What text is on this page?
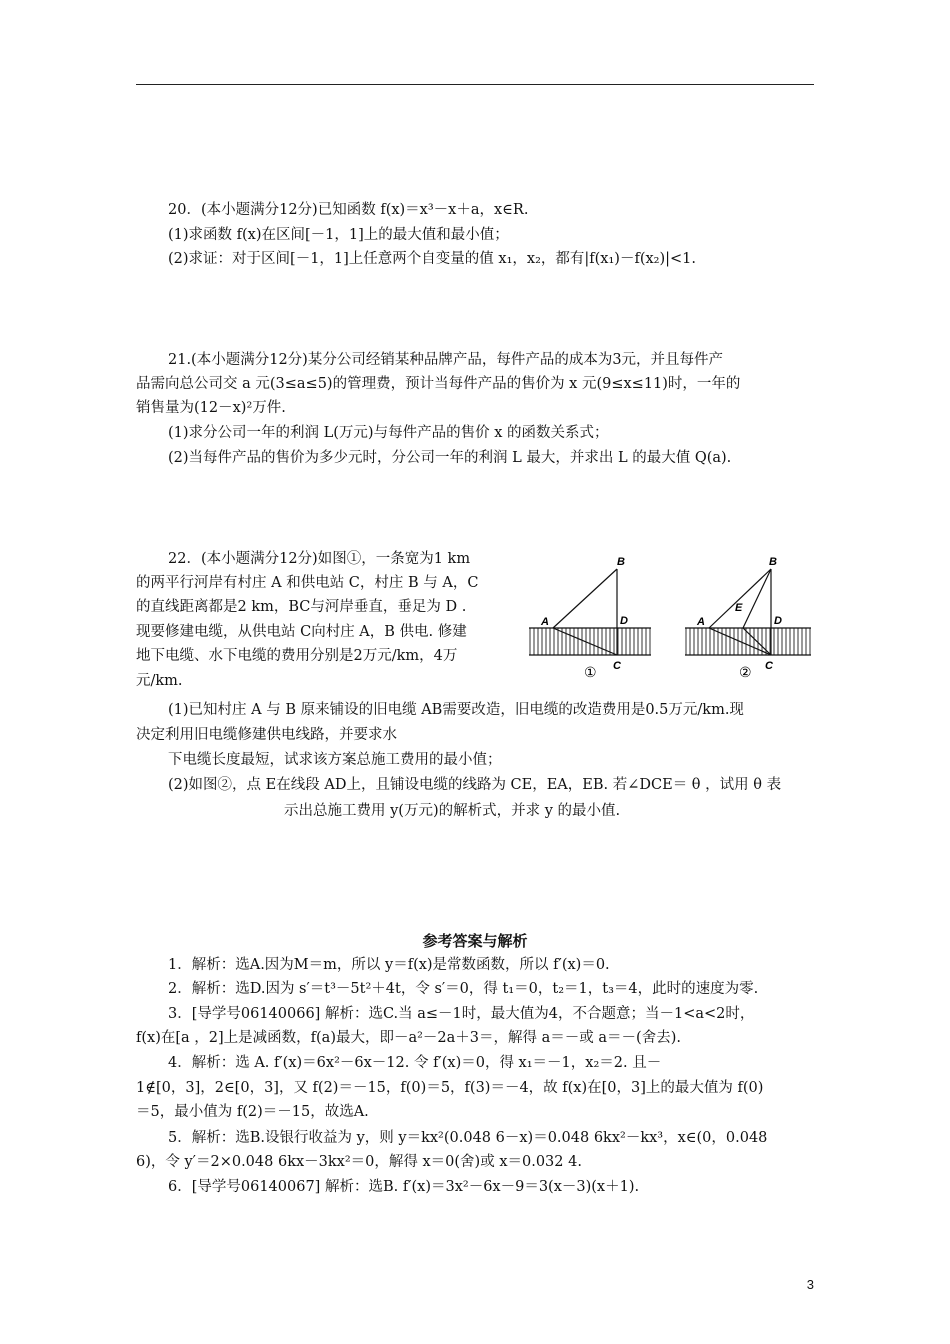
20．(本小题满分12分)已知函数 f(x)＝x³－x＋a，x∈R.
(1)求函数 f(x)在区间[－1，1]上的最大值和最小值；
(2)求证：对于区间[－1，1]上任意两个自变量的值 x₁，x₂，都有|f(x₁)－f(x₂)|<1.
21.(本小题满分12分)某分公司经销某种品牌产品，每件产品的成本为3元，并且每件产
品需向总公司交 a 元(3≤a≤5)的管理费，预计当每件产品的售价为 x 元(9≤x≤11)时，一年的
销售量为(12－x)²万件.
(1)求分公司一年的利润 L(万元)与每件产品的售价 x 的函数关系式；
(2)当每件产品的售价为多少元时，分公司一年的利润 L 最大，并求出 L 的最大值 Q(a).
22．(本小题满分12分)如图①，一条宽为1 km
的两平行河岸有村庄 A 和供电站 C，村庄 B 与 A，C
的直线距离都是2 km，BC与河岸垂直，垂足为 D .
现要修建电缆，从供电站 C向村庄 A，B 供电. 修建
地下电缆、水下电缆的费用分别是2万元/km，4万
元/km.
B
A	D
C
①
B
A
E
D
C
②
(1)已知村庄 A 与 B 原来铺设的旧电缆 AB需要改造，旧电缆的改造费用是0.5万元/km.现
决定利用旧电缆修建供电线路，并要求水
下电缆长度最短，试求该方案总施工费用的最小值；
(2)如图②，点 E在线段 AD上，且铺设电缆的线路为 CE，EA，EB. 若∠DCE＝ θ ，试用 θ 表
示出总施工费用 y(万元)的解析式，并求 y 的最小值.
参考答案与解析
1．解析：选A.因为M＝m，所以 y＝f(x)是常数函数，所以 f′(x)＝0.
2．解析：选D.因为 s′＝t³－5t²＋4t，令 s′＝0，得 t₁＝0，t₂＝1，t₃＝4，此时的速度为零.
3．[导学号06140066] 解析：选C.当 a≤－1时，最大值为4，不合题意；当－1<a<2时，
f(x)在[a ，2]上是减函数，f(a)最大，即－a²－2a＋3＝，解得 a＝－或 a＝－(舍去).
4．解析：选 A. f′(x)＝6x²－6x－12. 令 f′(x)＝0，得 x₁＝－1，x₂＝2. 且－
1∉[0，3]，2∈[0，3]，又 f(2)＝－15，f(0)＝5，f(3)＝－4，故 f(x)在[0，3]上的最大值为 f(0)
＝5，最小值为 f(2)＝－15，故选A.
5．解析：选B.设银行收益为 y，则 y＝kx²(0.048 6－x)＝0.048 6kx²－kx³，x∈(0，0.048
6)，令 y′＝2×0.048 6kx－3kx²＝0，解得 x＝0(舍)或 x＝0.032 4.
6．[导学号06140067] 解析：选B. f′(x)＝3x²－6x－9＝3(x－3)(x＋1).
3
